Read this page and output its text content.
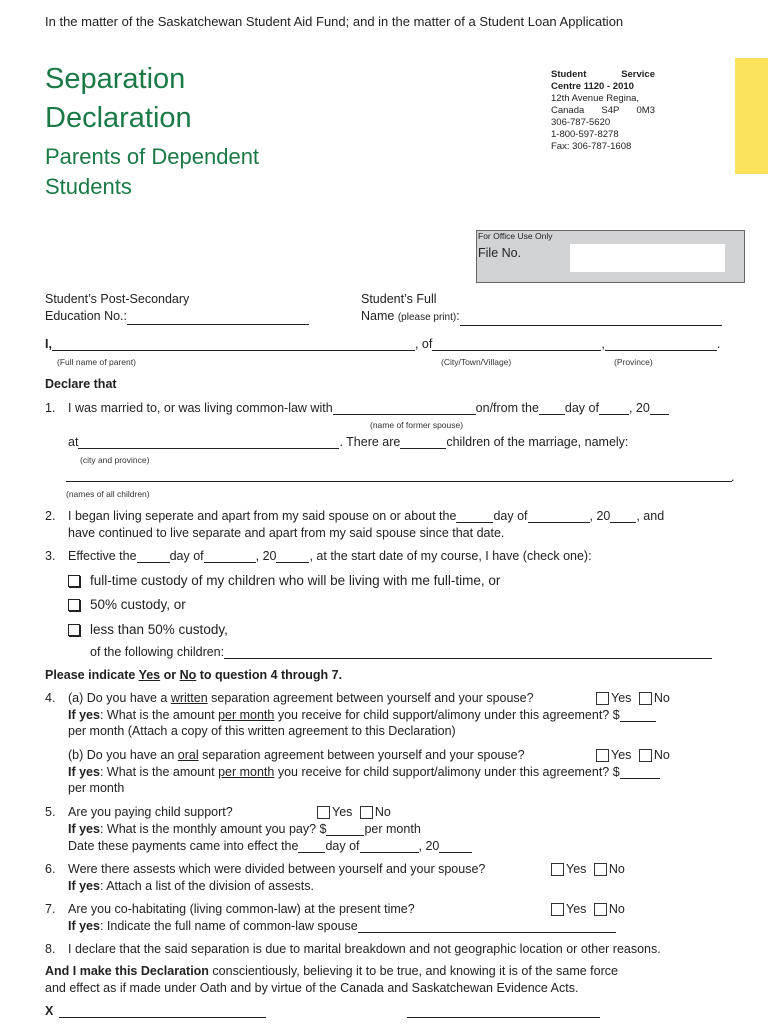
In the matter of the Saskatchewan Student Aid Fund; and in the matter of a Student Loan Application
Separation
Declaration
Parents of Dependent
Students
Student	Service
Centre 1120 - 2010
12th Avenue Regina,
Canada S4P 0M3
306-787-5620
1-800-597-8278
Fax: 306-787-1608
For Office Use Only
File No.
Student’s Post-Secondary
Education No.:
Student’s Full
Name (please print):
I,	, of	,	.
(Full name of parent)	(City/Town/Village)	(Province)
Declare that
1. I was married to, or was living common-law with	on/from the day of , 20
(name of former spouse)
at	. There are	children of the marriage, namely:
(city and province)
.
(names of all children)
2. I began living seperate and apart from my said spouse on or about the	day of	, 20 , and
have continued to live separate and apart from my said spouse since that date.
3. Effective the	day of	, 20	, at the start date of my course, I have (check one):
full-time custody of my children who will be living with me full-time, or
50% custody, or
less than 50% custody,
of the following children:
Please indicate Yes or No to question 4 through 7.
4. (a) Do you have a written separation agreement between yourself and your spouse?	Yes No
If yes: What is the amount per month you receive for child support/alimony under this agreement? $
per month (Attach a copy of this written agreement to this Declaration)
(b) Do you have an oral separation agreement between yourself and your spouse?	Yes No
If yes: What is the amount per month you receive for child support/alimony under this agreement? $
per month
5. Are you paying child support?	Yes No
If yes: What is the monthly amount you pay? $	per month
Date these payments came into effect the day of	, 20
6. Were there assests which were divided between yourself and your spouse?	Yes No
If yes: Attach a list of the division of assests.
7. Are you co-habitating (living common-law) at the present time?	Yes No
If yes: Indicate the full name of common-law spouse
8. I declare that the said separation is due to marital breakdown and not geographic location or other reasons.
And I make this Declaration conscientiously, believing it to be true, and knowing it is of the same force
and effect as if made under Oath and by virtue of the Canada and Saskatchewan Evidence Acts.
X
